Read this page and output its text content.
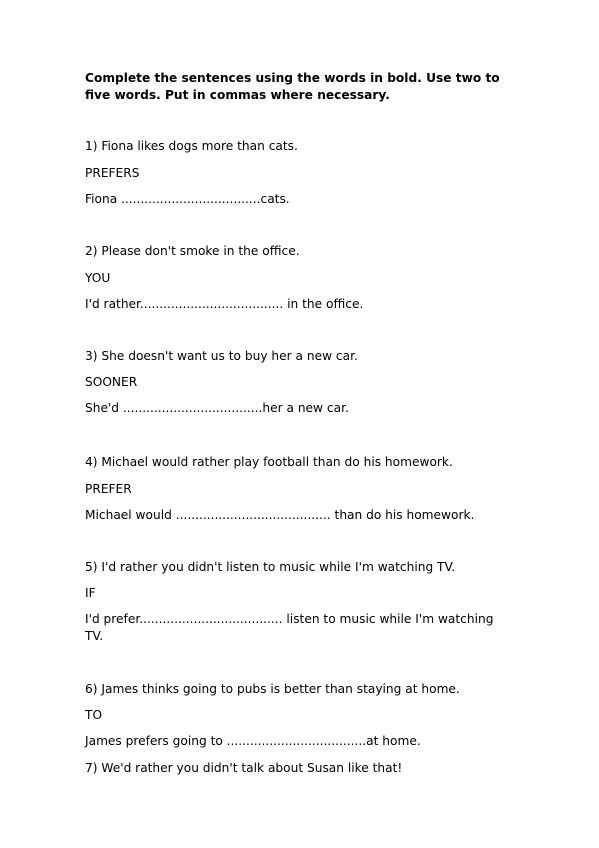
Complete the sentences using the words in bold. Use two to five words. Put in commas where necessary.
1) Fiona likes dogs more than cats.
PREFERS
Fiona ....................................cats.
2) Please don't smoke in the office.
YOU
I'd rather..................................... in the office.
3) She doesn't want us to buy her a new car.
SOONER
She'd ....................................her a new car.
4) Michael would rather play football than do his homework.
PREFER
Michael would ........................................ than do his homework.
5) I'd rather you didn't listen to music while I'm watching TV.
IF
I'd prefer..................................... listen to music while I'm watching TV.
6) James thinks going to pubs is better than staying at home.
TO
James prefers going to ....................................at home.
7) We'd rather you didn't talk about Susan like that!
